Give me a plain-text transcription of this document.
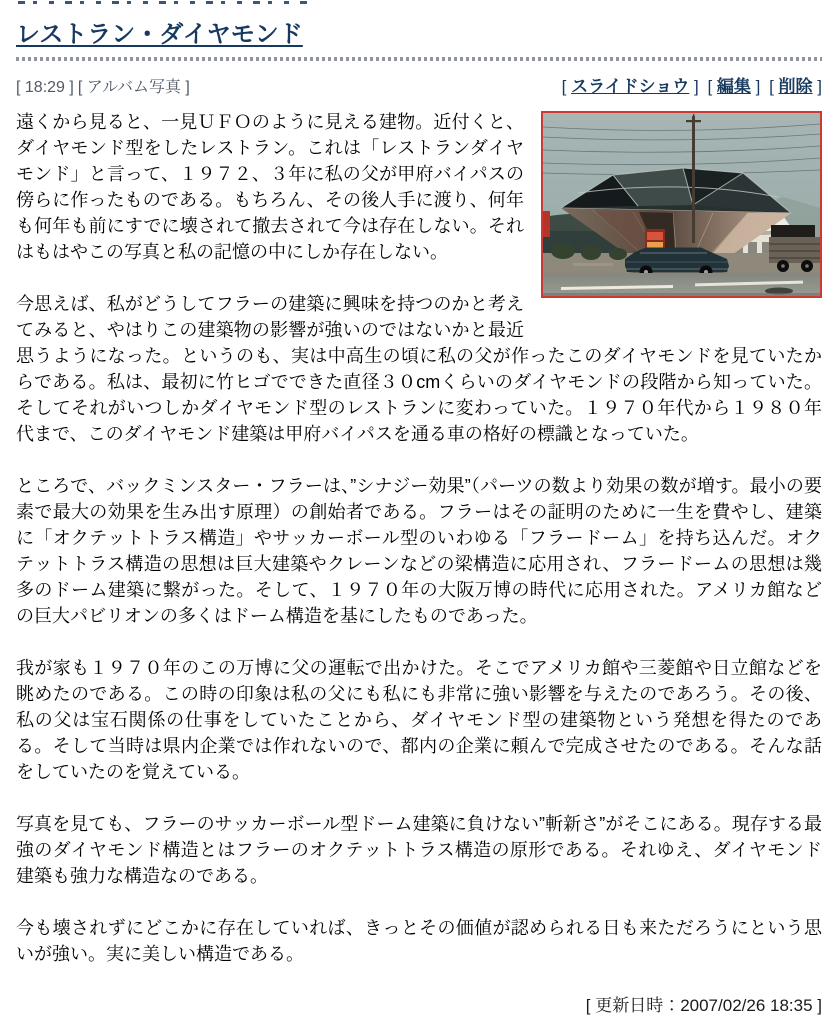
レストラン・ダイヤモンド
[ 18:29 ] [ アルバム写真 ]	[ スライドショウ ] [ 編集 ] [ 削除 ]

遠くから見ると、一見ＵＦＯのように見える建物。近付くと、ダイヤモンド型をしたレストラン。これは「レストランダイヤモンド」と言って、１９７２、３年に私の父が甲府バイパスの傍らに作ったものである。もちろん、その後人手に渡り、何年も何年も前にすでに壊されて撤去されて今は存在しない。それはもはやこの写真と私の記憶の中にしか存在しない。

今思えば、私がどうしてフラーの建築に興味を持つのかと考えてみると、やはりこの建築物の影響が強いのではないかと最近思うようになった。というのも、実は中高生の頃に私の父が作ったこのダイヤモンドを見ていたからである。私は、最初に竹ヒゴでできた直径３０cmくらいのダイヤモンドの段階から知っていた。そしてそれがいつしかダイヤモンド型のレストランに変わっていた。１９７０年代から１９８０年代まで、このダイヤモンド建築は甲府バイパスを通る車の格好の標識となっていた。

ところで、バックミンスター・フラーは、”シナジー効果”（パーツの数より効果の数が増す。最小の要素で最大の効果を生み出す原理）の創始者である。フラーはその証明のために一生を費やし、建築に「オクテットトラス構造」やサッカーボール型のいわゆる「フラードーム」を持ち込んだ。オクテットトラス構造の思想は巨大建築やクレーンなどの梁構造に応用され、フラードームの思想は幾多のドーム建築に繋がった。そして、１９７０年の大阪万博の時代に応用された。アメリカ館などの巨大パビリオンの多くはドーム構造を基にしたものであった。

我が家も１９７０年のこの万博に父の運転で出かけた。そこでアメリカ館や三菱館や日立館などを眺めたのである。この時の印象は私の父にも私にも非常に強い影響を与えたのであろう。その後、私の父は宝石関係の仕事をしていたことから、ダイヤモンド型の建築物という発想を得たのである。そして当時は県内企業では作れないので、都内の企業に頼んで完成させたのである。そんな話をしていたのを覚えている。

写真を見ても、フラーのサッカーボール型ドーム建築に負けない”斬新さ”がそこにある。現存する最強のダイヤモンド構造とはフラーのオクテットトラス構造の原形である。それゆえ、ダイヤモンド建築も強力な構造なのである。

今も壊されずにどこかに存在していれば、きっとその価値が認められる日も来ただろうにという思いが強い。実に美しい構造である。

[ 更新日時：2007/02/26 18:35 ]
